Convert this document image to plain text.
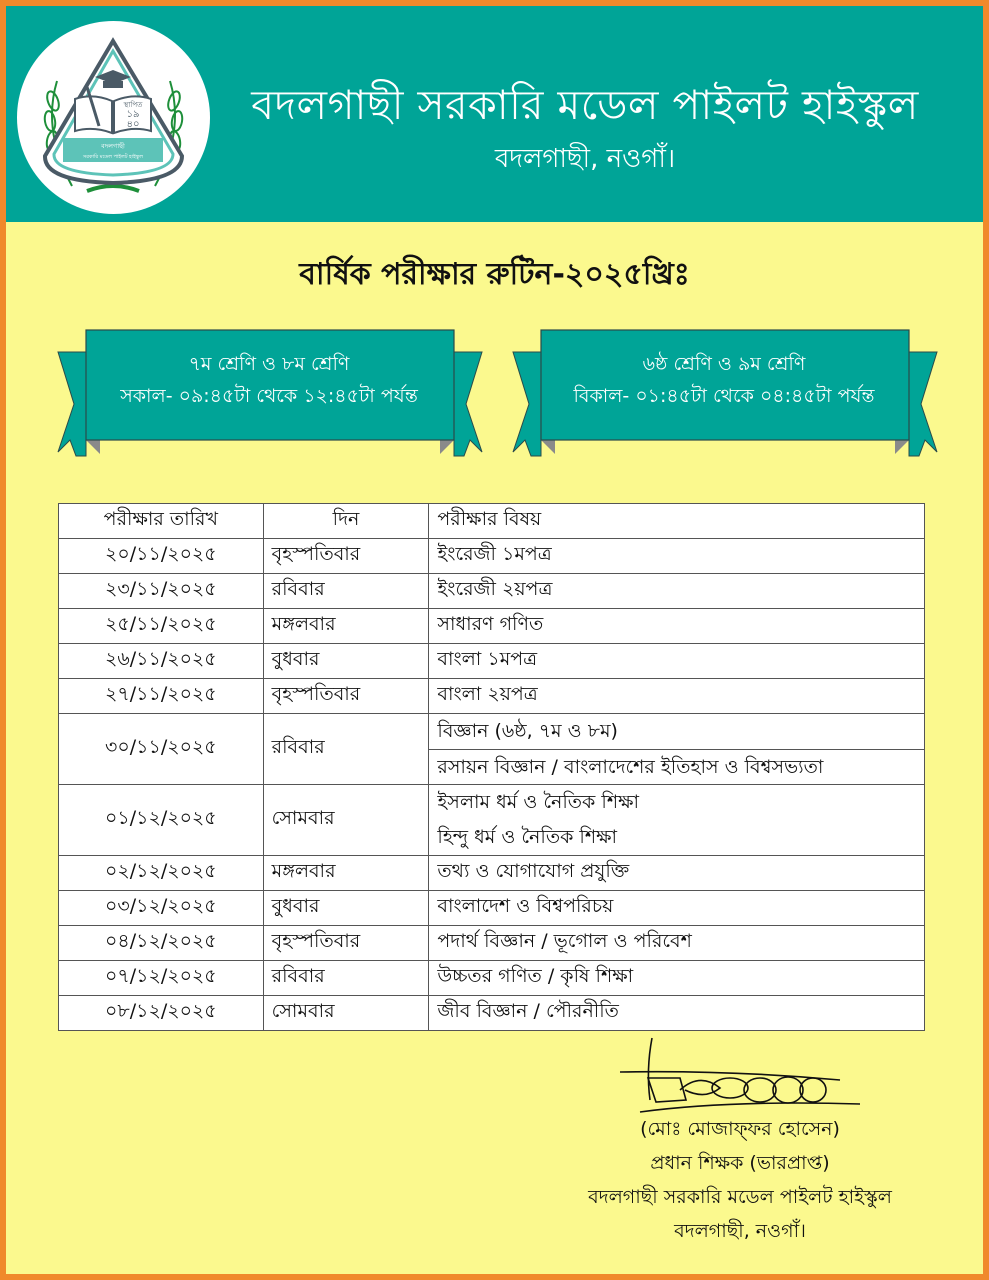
স্থাপিত
১৯
৪০
বদলগাছী
সরকারি মডেল পাইলট হাইস্কুল
বদলগাছী সরকারি মডেল পাইলট হাইস্কুল
বদলগাছী, নওগাঁ।
বার্ষিক পরীক্ষার রুটিন-২০২৫খ্রিঃ
৭ম শ্রেণি ও ৮ম শ্রেণি
সকাল- ০৯:৪৫টা থেকে ১২:৪৫টা পর্যন্ত
৬ষ্ঠ শ্রেণি ও ৯ম শ্রেণি
বিকাল- ০১:৪৫টা থেকে ০৪:৪৫টা পর্যন্ত
পরীক্ষার তারিখ	দিন	পরীক্ষার বিষয়
২০/১১/২০২৫	বৃহস্পতিবার	ইংরেজী ১মপত্র
২৩/১১/২০২৫	রবিবার	ইংরেজী ২য়পত্র
২৫/১১/২০২৫	মঙ্গলবার	সাধারণ গণিত
২৬/১১/২০২৫	বুধবার	বাংলা ১মপত্র
২৭/১১/২০২৫	বৃহস্পতিবার	বাংলা ২য়পত্র
৩০/১১/২০২৫	রবিবার	বিজ্ঞান (৬ষ্ঠ, ৭ম ও ৮ম)
রসায়ন বিজ্ঞান / বাংলাদেশের ইতিহাস ও বিশ্বসভ্যতা

০১/১২/২০২৫	সোমবার	ইসলাম ধর্ম ও নৈতিক শিক্ষা
হিন্দু ধর্ম ও নৈতিক শিক্ষা

০২/১২/২০২৫	মঙ্গলবার	তথ্য ও যোগাযোগ প্রযুক্তি
০৩/১২/২০২৫	বুধবার	বাংলাদেশ ও বিশ্বপরিচয়
০৪/১২/২০২৫	বৃহস্পতিবার	পদার্থ বিজ্ঞান / ভূগোল ও পরিবেশ
০৭/১২/২০২৫	রবিবার	উচ্চতর গণিত / কৃষি শিক্ষা
০৮/১২/২০২৫	সোমবার	জীব বিজ্ঞান / পৌরনীতি
(মোঃ মোজাফ্ফর হোসেন)
প্রধান শিক্ষক (ভারপ্রাপ্ত)
বদলগাছী সরকারি মডেল পাইলট হাইস্কুল
বদলগাছী, নওগাঁ।
